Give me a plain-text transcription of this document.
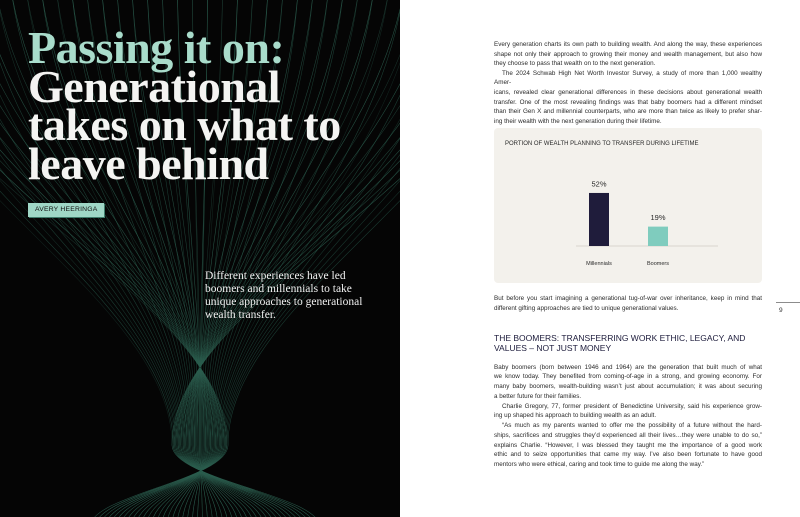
Passing it on:
Generational
takes on what to
leave behind
AVERY HEERINGA
Different experiences have led
boomers and millennials to take
unique approaches to generational
wealth transfer.
Every generation charts its own path to building wealth. And along the way, these experiences
shape not only their approach to growing their money and wealth management, but also how
they choose to pass that wealth on to the next generation.
The 2024 Schwab High Net Worth Investor Survey, a study of more than 1,000 wealthy Amer-
icans, revealed clear generational differences in these decisions about generational wealth
transfer. One of the most revealing findings was that baby boomers had a different mindset
than their Gen X and millennial counterparts, who are more than twice as likely to prefer shar-
ing their wealth with the next generation during their lifetime.
PORTION OF WEALTH PLANNING TO TRANSFER DURING LIFETIME
52%
Millennials
19%
Boomers
But before you start imagining a generational tug-of-war over inheritance, keep in mind that
different gifting approaches are tied to unique generational values.	9
THE BOOMERS: TRANSFERRING WORK ETHIC, LEGACY, AND
VALUES – NOT JUST MONEY
Baby boomers (born between 1946 and 1964) are the generation that built much of what
we know today. They benefited from coming-of-age in a strong, and growing economy. For
many baby boomers, wealth-building wasn’t just about accumulation; it was about securing
a better future for their families.
Charlie Gregory, 77, former president of Benedictine University, said his experience grow-
ing up shaped his approach to building wealth as an adult.
“As much as my parents wanted to offer me the possibility of a future without the hard-
ships, sacrifices and struggles they’d experienced all their lives…they were unable to do so,”
explains Charlie. “However, I was blessed they taught me the importance of a good work
ethic and to seize opportunities that came my way. I’ve also been fortunate to have good
mentors who were ethical, caring and took time to guide me along the way.”
